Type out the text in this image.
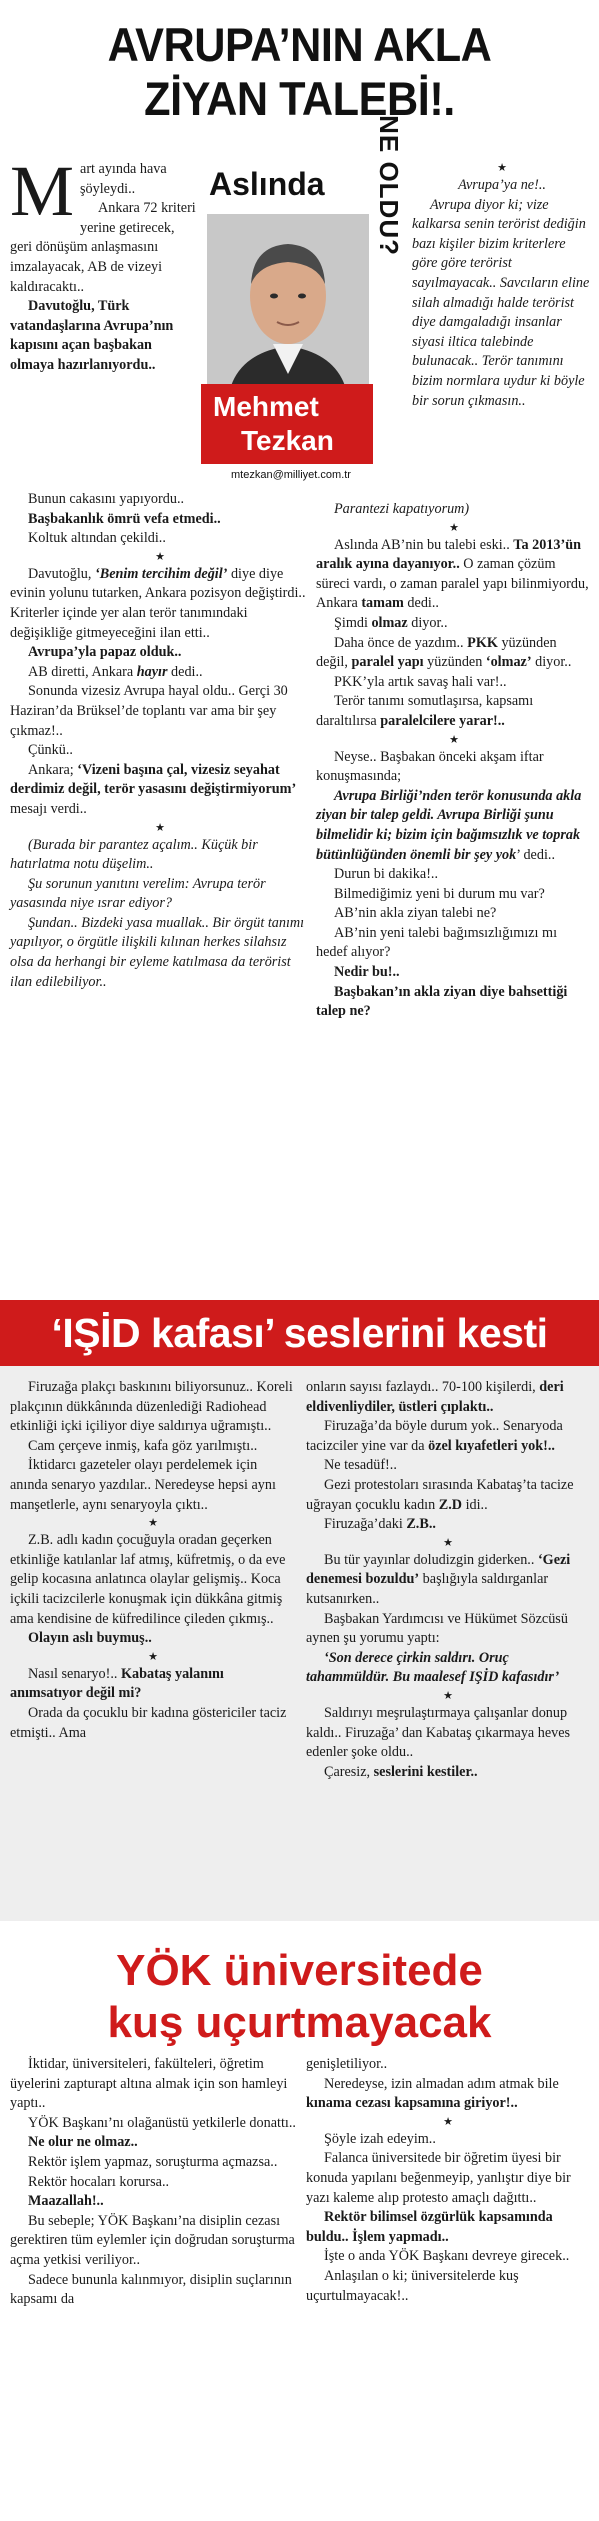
AVRUPA’NIN AKLA
ZİYAN TALEBİ!.
M art ayında hava şöyleydi..

Ankara 72 kriteri yerine getirecek, geri dönüşüm anlaşmasını imzalayacak, AB de vizeyi kaldıracaktı..

Davutoğlu, Türk vatandaşlarına Avrupa’nın kapısını açan başbakan olmaya hazırlanıyordu..

Bunun cakasını yapıyordu..

Başbakanlık ömrü vefa etmedi..

Koltuk altından çekildi..

★

Davutoğlu, ‘Benim tercihim değil’ diye diye evinin yolunu tutarken, Ankara pozisyon değiştirdi.. Kriterler içinde yer alan terör tanımındaki değişikliğe gitmeyeceğini ilan etti..

Avrupa’yla papaz olduk..

AB diretti, Ankara hayır dedi..

Sonunda vizesiz Avrupa hayal oldu.. Gerçi 30 Haziran’da Brüksel’de toplantı var ama bir şey çıkmaz!..

Çünkü..

Ankara; ‘Vizeni başına çal, vizesiz seyahat derdimiz değil, terör yasasını değiştirmiyorum’ mesajı verdi..

★

(Burada bir parantez açalım.. Küçük bir hatırlatma notu düşelim..

Şu sorunun yanıtını verelim: Avrupa terör yasasında niye ısrar ediyor?

Şundan.. Bizdeki yasa muallak.. Bir örgüt tanımı yapılıyor, o örgütle ilişkili kılınan herkes silahsız olsa da herhangi bir eyleme katılmasa da terörist ilan edilebiliyor..

Aslında NE OLDU?
Mehmet
Tezkan
mtezkan@milliyet.com.tr

★

Avrupa’ya ne!..

Avrupa diyor ki; vize kalkarsa senin terörist dediğin bazı kişiler bizim kriterlere göre göre terörist sayılmayacak.. Savcıların eline silah almadığı halde terörist diye damgaladığı insanlar siyasi iltica talebinde bulunacak.. Terör tanımını bizim normlara uydur ki böyle bir sorun çıkmasın..

Parantezi kapatıyorum)

★

Aslında AB’nin bu talebi eski.. Ta 2013’ün aralık ayına dayanıyor.. O zaman çözüm süreci vardı, o zaman paralel yapı bilinmiyordu, Ankara tamam dedi..

Şimdi olmaz diyor..

Daha önce de yazdım.. PKK yüzünden değil, paralel yapı yüzünden ‘olmaz’ diyor..

PKK’yla artık savaş hali var!..

Terör tanımı somutlaşırsa, kapsamı daraltılırsa paralelcilere yarar!..

★

Neyse.. Başbakan önceki akşam iftar konuşmasında;

Avrupa Birliği’nden terör konusunda akla ziyan bir talep geldi. Avrupa Birliği şunu bilmelidir ki; bizim için bağımsızlık ve toprak bütünlüğünden önemli bir şey yok’ dedi..

Durun bi dakika!..

Bilmediğimiz yeni bi durum mu var?

AB’nin akla ziyan talebi ne?

AB’nin yeni talebi bağımsızlığımızı mı hedef alıyor?

Nedir bu!..

Başbakan’ın akla ziyan diye bahsettiği talep ne?

‘IŞİD kafası’ seslerini kesti

Firuzağa plakçı baskınını biliyorsunuz.. Koreli plakçının dükkânında düzenlediği Radiohead etkinliği içki içiliyor diye saldırıya uğramıştı..

Cam çerçeve inmiş, kafa göz yarılmıştı..

İktidarcı gazeteler olayı perdelemek için anında senaryo yazdılar.. Neredeyse hepsi aynı manşetlerle, aynı senaryoyla çıktı..

★

Z.B. adlı kadın çocuğuyla oradan geçerken etkinliğe katılanlar laf atmış, küfretmiş, o da eve gelip kocasına anlatınca olaylar gelişmiş.. Koca içkili tacizcilerle konuşmak için dükkâna gitmiş ama kendisine de küfredilince çileden çıkmış..

Olayın aslı buymuş..

★

Nasıl senaryo!.. Kabataş yalanını anımsatıyor değil mi?

Orada da çocuklu bir kadına göstericiler taciz etmişti.. Ama

onların sayısı fazlaydı.. 70-100 kişilerdi, deri eldivenliydiler, üstleri çıplaktı..

Firuzağa’da böyle durum yok.. Senaryoda tacizciler yine var da özel kıyafetleri yok!..

Ne tesadüf!..

Gezi protestoları sırasında Kabataş’ta tacize uğrayan çocuklu kadın Z.D idi..

Firuzağa’daki Z.B..

★

Bu tür yayınlar doludizgin giderken.. ‘Gezi denemesi bozuldu’ başlığıyla saldırganlar kutsanırken..

Başbakan Yardımcısı ve Hükümet Sözcüsü aynen şu yorumu yaptı:

‘Son derece çirkin saldırı. Oruç tahammüldür. Bu maalesef IŞİD kafasıdır’

★

Saldırıyı meşrulaştırmaya çalışanlar donup kaldı.. Firuzağa’ dan Kabataş çıkarmaya heves edenler şoke oldu..

Çaresiz, seslerini kestiler..

YÖK üniversitede
kuş uçurtmayacak

İktidar, üniversiteleri, fakülteleri, öğretim üyelerini zapturapt altına almak için son hamleyi yaptı..

YÖK Başkanı’nı olağanüstü yetkilerle donattı..

Ne olur ne olmaz..

Rektör işlem yapmaz, soruşturma açmazsa..

Rektör hocaları korursa..

Maazallah!..

Bu sebeple; YÖK Başkanı’na disiplin cezası gerektiren tüm eylemler için doğrudan soruşturma açma yetkisi veriliyor..

Sadece bununla kalınmıyor, disiplin suçlarının kapsamı da

genişletiliyor..

Neredeyse, izin almadan adım atmak bile kınama cezası kapsamına giriyor!..

★

Şöyle izah edeyim..

Falanca üniversitede bir öğretim üyesi bir konuda yapılanı beğenmeyip, yanlıştır diye bir yazı kaleme alıp protesto amaçlı dağıttı..

Rektör bilimsel özgürlük kapsamında buldu.. İşlem yapmadı..

İşte o anda YÖK Başkanı devreye girecek..

Anlaşılan o ki; üniversitelerde kuş uçurtulmayacak!..
